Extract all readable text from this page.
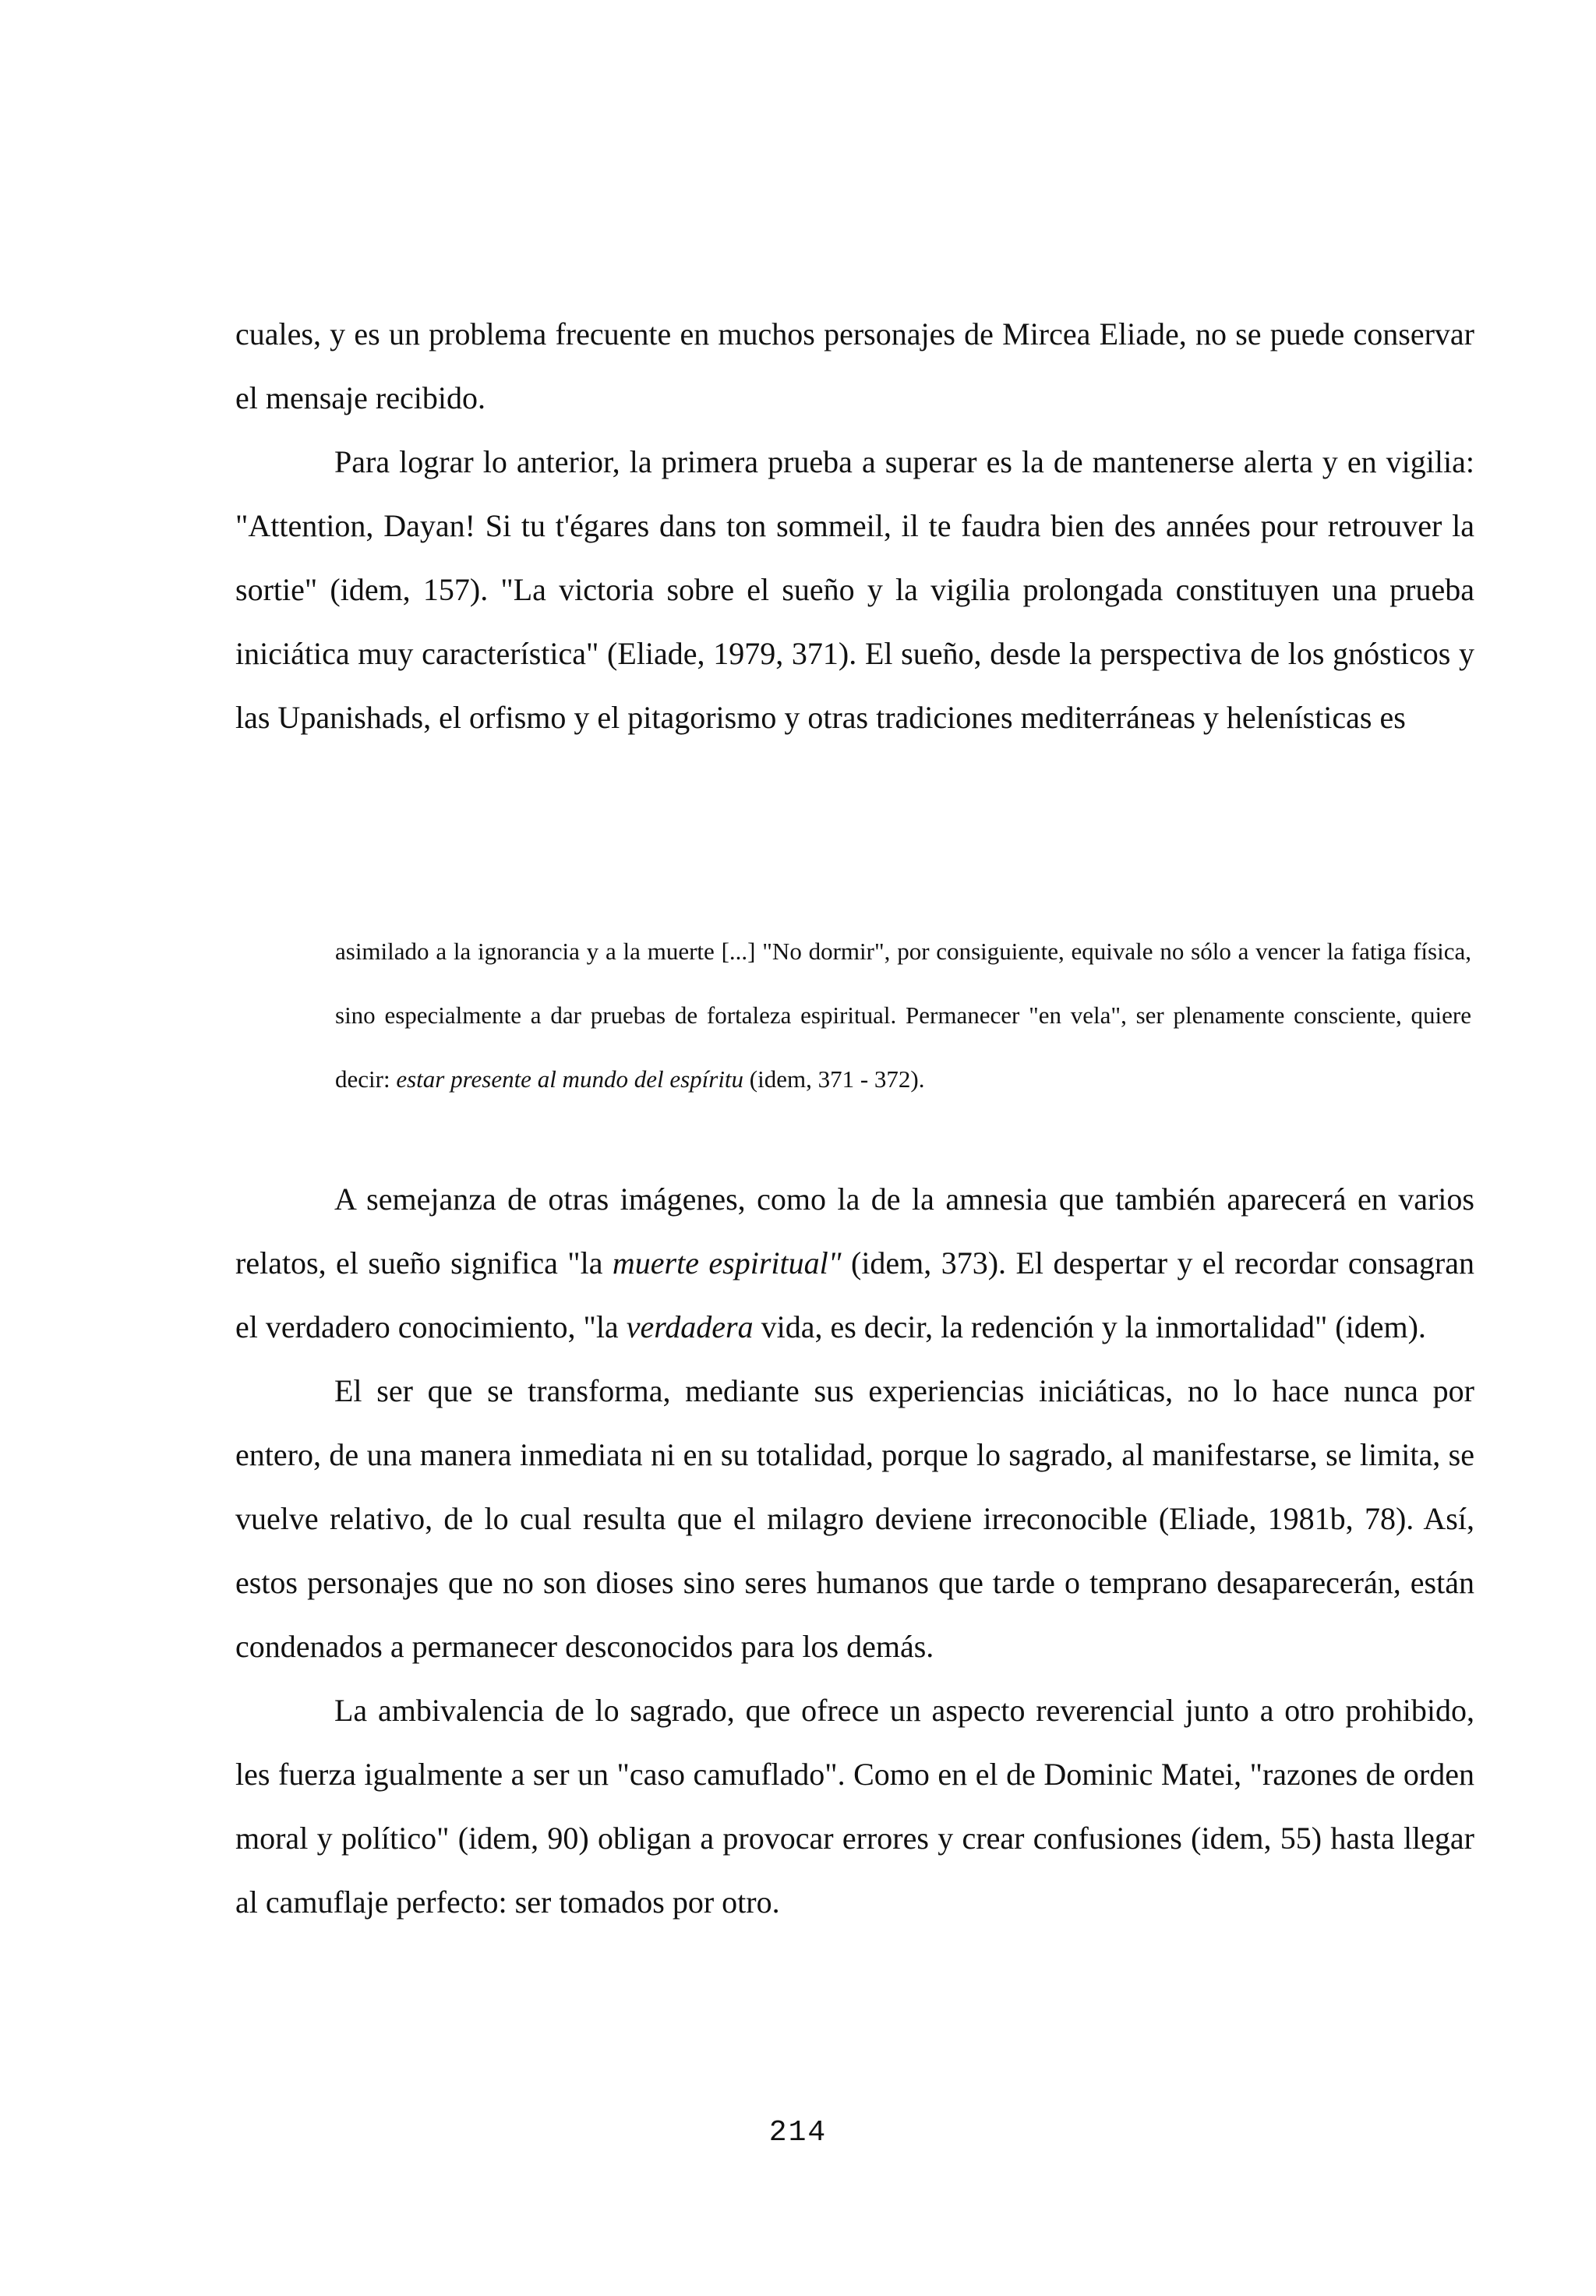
cuales, y es un problema frecuente en muchos personajes de Mircea Eliade, no se puede conservar el mensaje recibido.

Para lograr lo anterior, la primera prueba a superar es la de mantenerse alerta y en vigilia: "Attention, Dayan! Si tu t'égares dans ton sommeil, il te faudra bien des années pour retrouver la sortie" (idem, 157). "La victoria sobre el sueño y la vigilia prolongada constituyen una prueba iniciática muy característica" (Eliade, 1979, 371). El sueño, desde la perspectiva de los gnósticos y las Upanishads, el orfismo y el pitagorismo y otras tradiciones mediterráneas y helenísticas es

asimilado a la ignorancia y a la muerte [...] "No dormir", por consiguiente, equivale no sólo a vencer la fatiga física, sino especialmente a dar pruebas de fortaleza espiritual. Permanecer "en vela", ser plenamente consciente, quiere decir: estar presente al mundo del espíritu (idem, 371 - 372).

A semejanza de otras imágenes, como la de la amnesia que también aparecerá en varios relatos, el sueño significa "la muerte espiritual" (idem, 373). El despertar y el recordar consagran el verdadero conocimiento, "la verdadera vida, es decir, la redención y la inmortalidad" (idem).

El ser que se transforma, mediante sus experiencias iniciáticas, no lo hace nunca por entero, de una manera inmediata ni en su totalidad, porque lo sagrado, al manifestarse, se limita, se vuelve relativo, de lo cual resulta que el milagro deviene irreconocible (Eliade, 1981b, 78). Así, estos personajes que no son dioses sino seres humanos que tarde o temprano desaparecerán, están condenados a permanecer desconocidos para los demás.

La ambivalencia de lo sagrado, que ofrece un aspecto reverencial junto a otro prohibido, les fuerza igualmente a ser un "caso camuflado". Como en el de Dominic Matei, "razones de orden moral y político" (idem, 90) obligan a provocar errores y crear confusiones (idem, 55) hasta llegar al camuflaje perfecto: ser tomados por otro.

214
